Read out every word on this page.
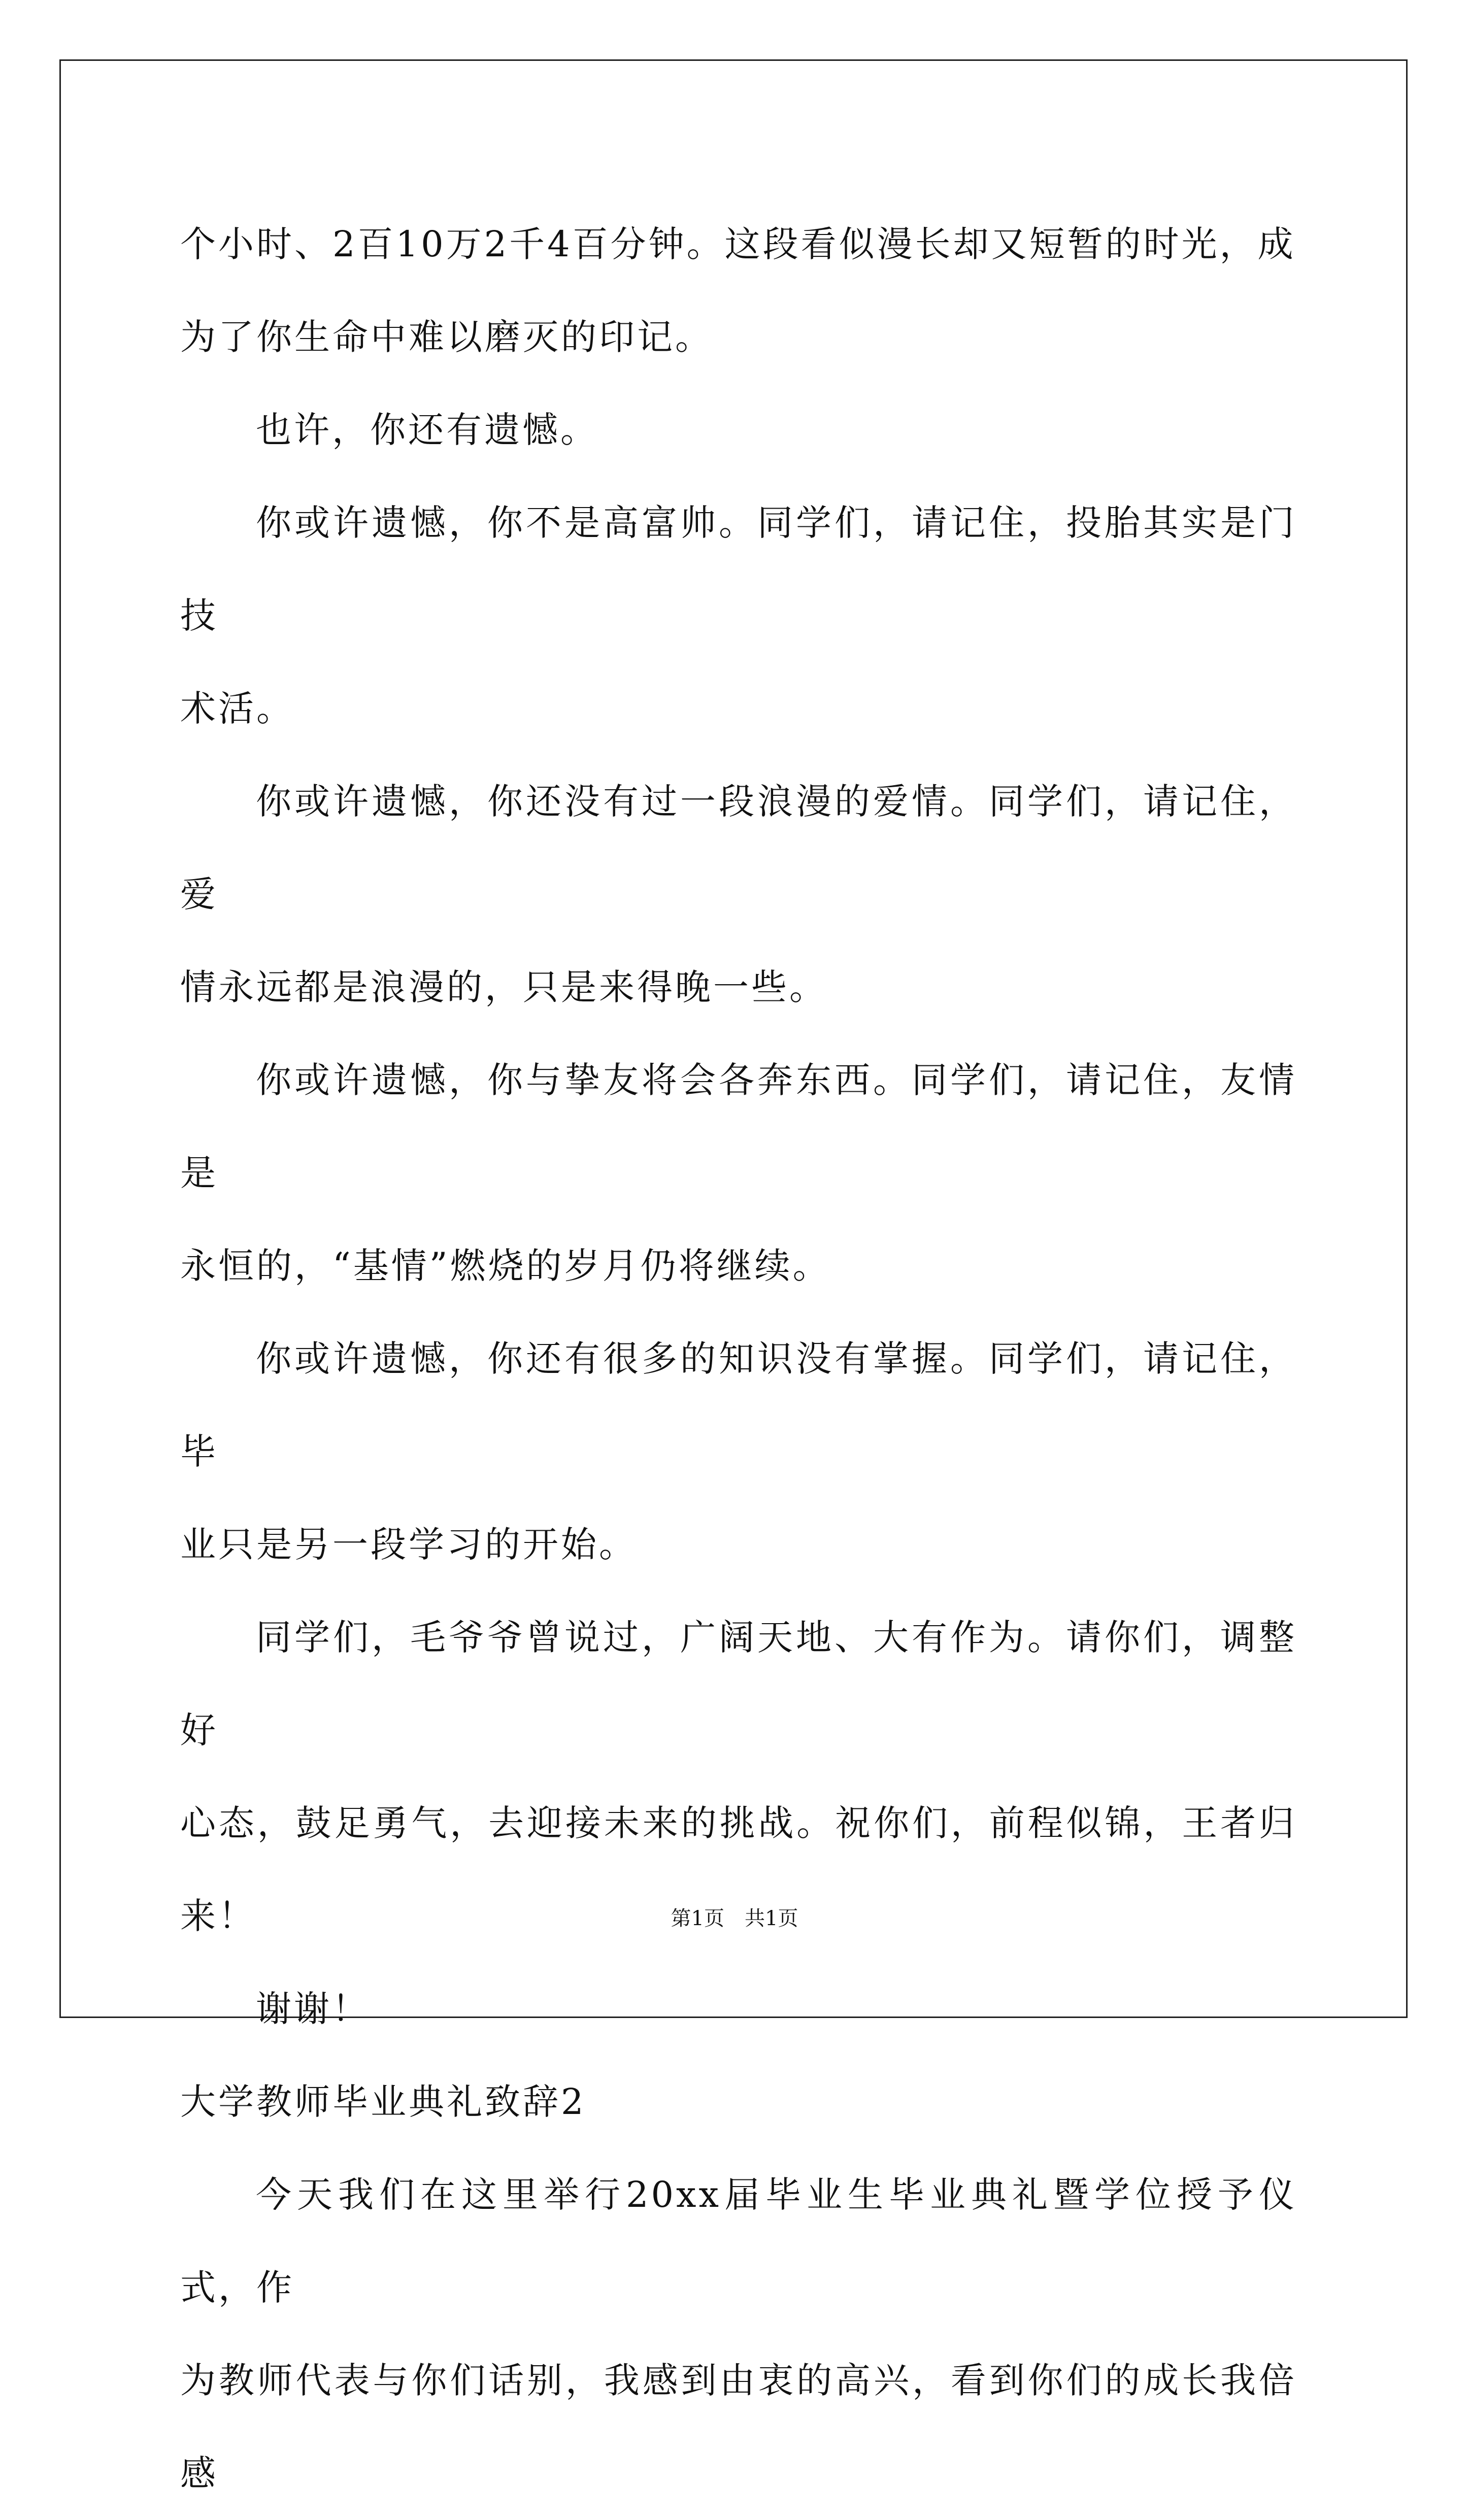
个小时、2百10万2千4百分钟。这段看似漫长却又短暂的时光，成
为了你生命中难以磨灭的印记。

也许，你还有遗憾。

你或许遗憾，你不是高富帅。同学们，请记住，投胎其实是门技
术活。

你或许遗憾，你还没有过一段浪漫的爱情。同学们，请记住，爱
情永远都是浪漫的，只是来得晚一些。

你或许遗憾，你与挚友将会各奔东西。同学们，请记住，友情是
永恒的，“基情”燃烧的岁月仍将继续。

你或许遗憾，你还有很多的知识没有掌握。同学们，请记住，毕
业只是另一段学习的开始。

同学们，毛爷爷曾说过，广阔天地、大有作为。请你们，调整好
心态，鼓足勇气，去迎接未来的挑战。祝你们，前程似锦，王者归来！

谢谢！

大学教师毕业典礼致辞2

今天我们在这里举行20xx届毕业生毕业典礼暨学位授予仪式，作
为教师代表与你们话别，我感到由衷的高兴，看到你们的成长我倍感

第1页　共1页
